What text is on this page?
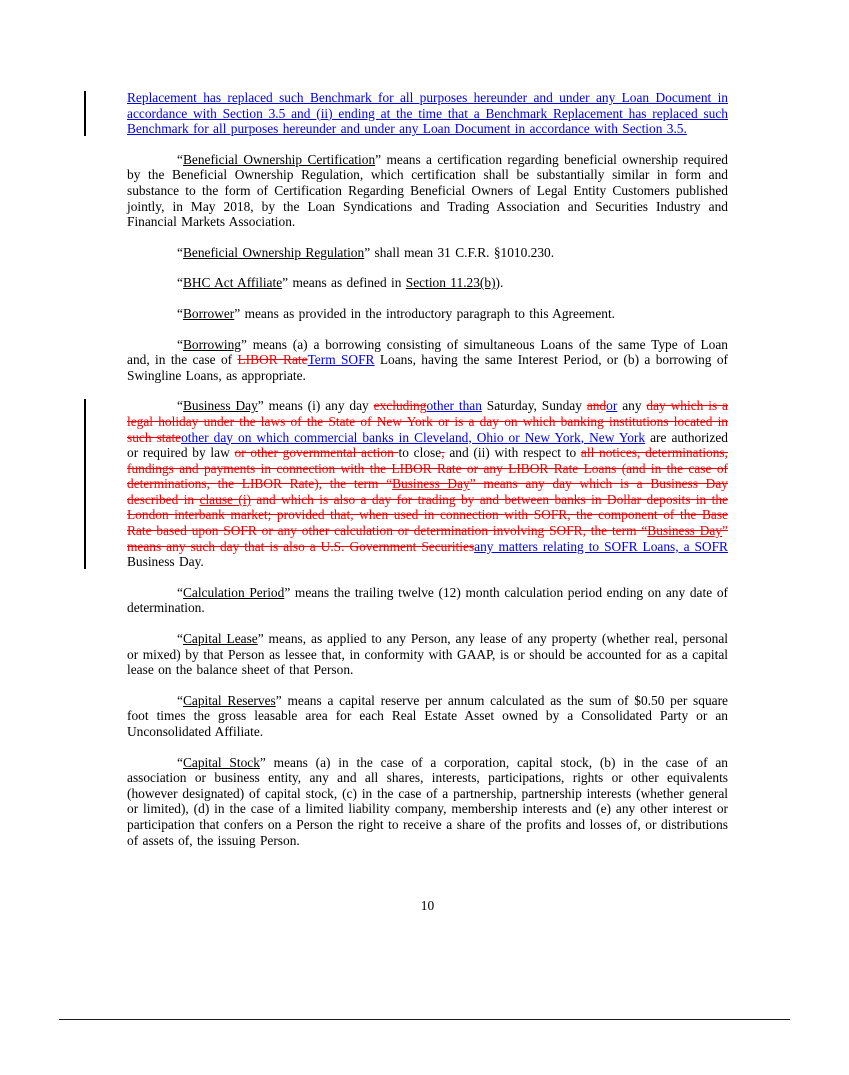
Replacement has replaced such Benchmark for all purposes hereunder and under any Loan Document in accordance with Section 3.5 and (ii) ending at the time that a Benchmark Replacement has replaced such Benchmark for all purposes hereunder and under any Loan Document in accordance with Section 3.5.
“Beneficial Ownership Certification” means a certification regarding beneficial ownership required by the Beneficial Ownership Regulation, which certification shall be substantially similar in form and substance to the form of Certification Regarding Beneficial Owners of Legal Entity Customers published jointly, in May 2018, by the Loan Syndications and Trading Association and Securities Industry and Financial Markets Association.
“Beneficial Ownership Regulation” shall mean 31 C.F.R. §1010.230.
“BHC Act Affiliate” means as defined in Section 11.23(b)).
“Borrower” means as provided in the introductory paragraph to this Agreement.
“Borrowing” means (a) a borrowing consisting of simultaneous Loans of the same Type of Loan and, in the case of LIBOR RateTerm SOFR Loans, having the same Interest Period, or (b) a borrowing of Swingline Loans, as appropriate.
“Business Day” means (i) any day excludingother than Saturday, Sunday andor any day which is a legal holiday under the laws of the State of New York or is a day on which banking institutions located in such stateother day on which commercial banks in Cleveland, Ohio or New York, New York are authorized or required by law or other governmental action to close, and (ii) with respect to all notices, determinations, fundings and payments in connection with the LIBOR Rate or any LIBOR Rate Loans (and in the case of determinations, the LIBOR Rate), the term “Business Day” means any day which is a Business Day described in clause (i) and which is also a day for trading by and between banks in Dollar deposits in the London interbank market; provided that, when used in connection with SOFR, the component of the Base Rate based upon SOFR or any other calculation or determination involving SOFR, the term “Business Day” means any such day that is also a U.S. Government Securitiesany matters relating to SOFR Loans, a SOFR Business Day.
“Calculation Period” means the trailing twelve (12) month calculation period ending on any date of determination.
“Capital Lease” means, as applied to any Person, any lease of any property (whether real, personal or mixed) by that Person as lessee that, in conformity with GAAP, is or should be accounted for as a capital lease on the balance sheet of that Person.
“Capital Reserves” means a capital reserve per annum calculated as the sum of $0.50 per square foot times the gross leasable area for each Real Estate Asset owned by a Consolidated Party or an Unconsolidated Affiliate.
“Capital Stock” means (a) in the case of a corporation, capital stock, (b) in the case of an association or business entity, any and all shares, interests, participations, rights or other equivalents (however designated) of capital stock, (c) in the case of a partnership, partnership interests (whether general or limited), (d) in the case of a limited liability company, membership interests and (e) any other interest or participation that confers on a Person the right to receive a share of the profits and losses of, or distributions of assets of, the issuing Person.
10
